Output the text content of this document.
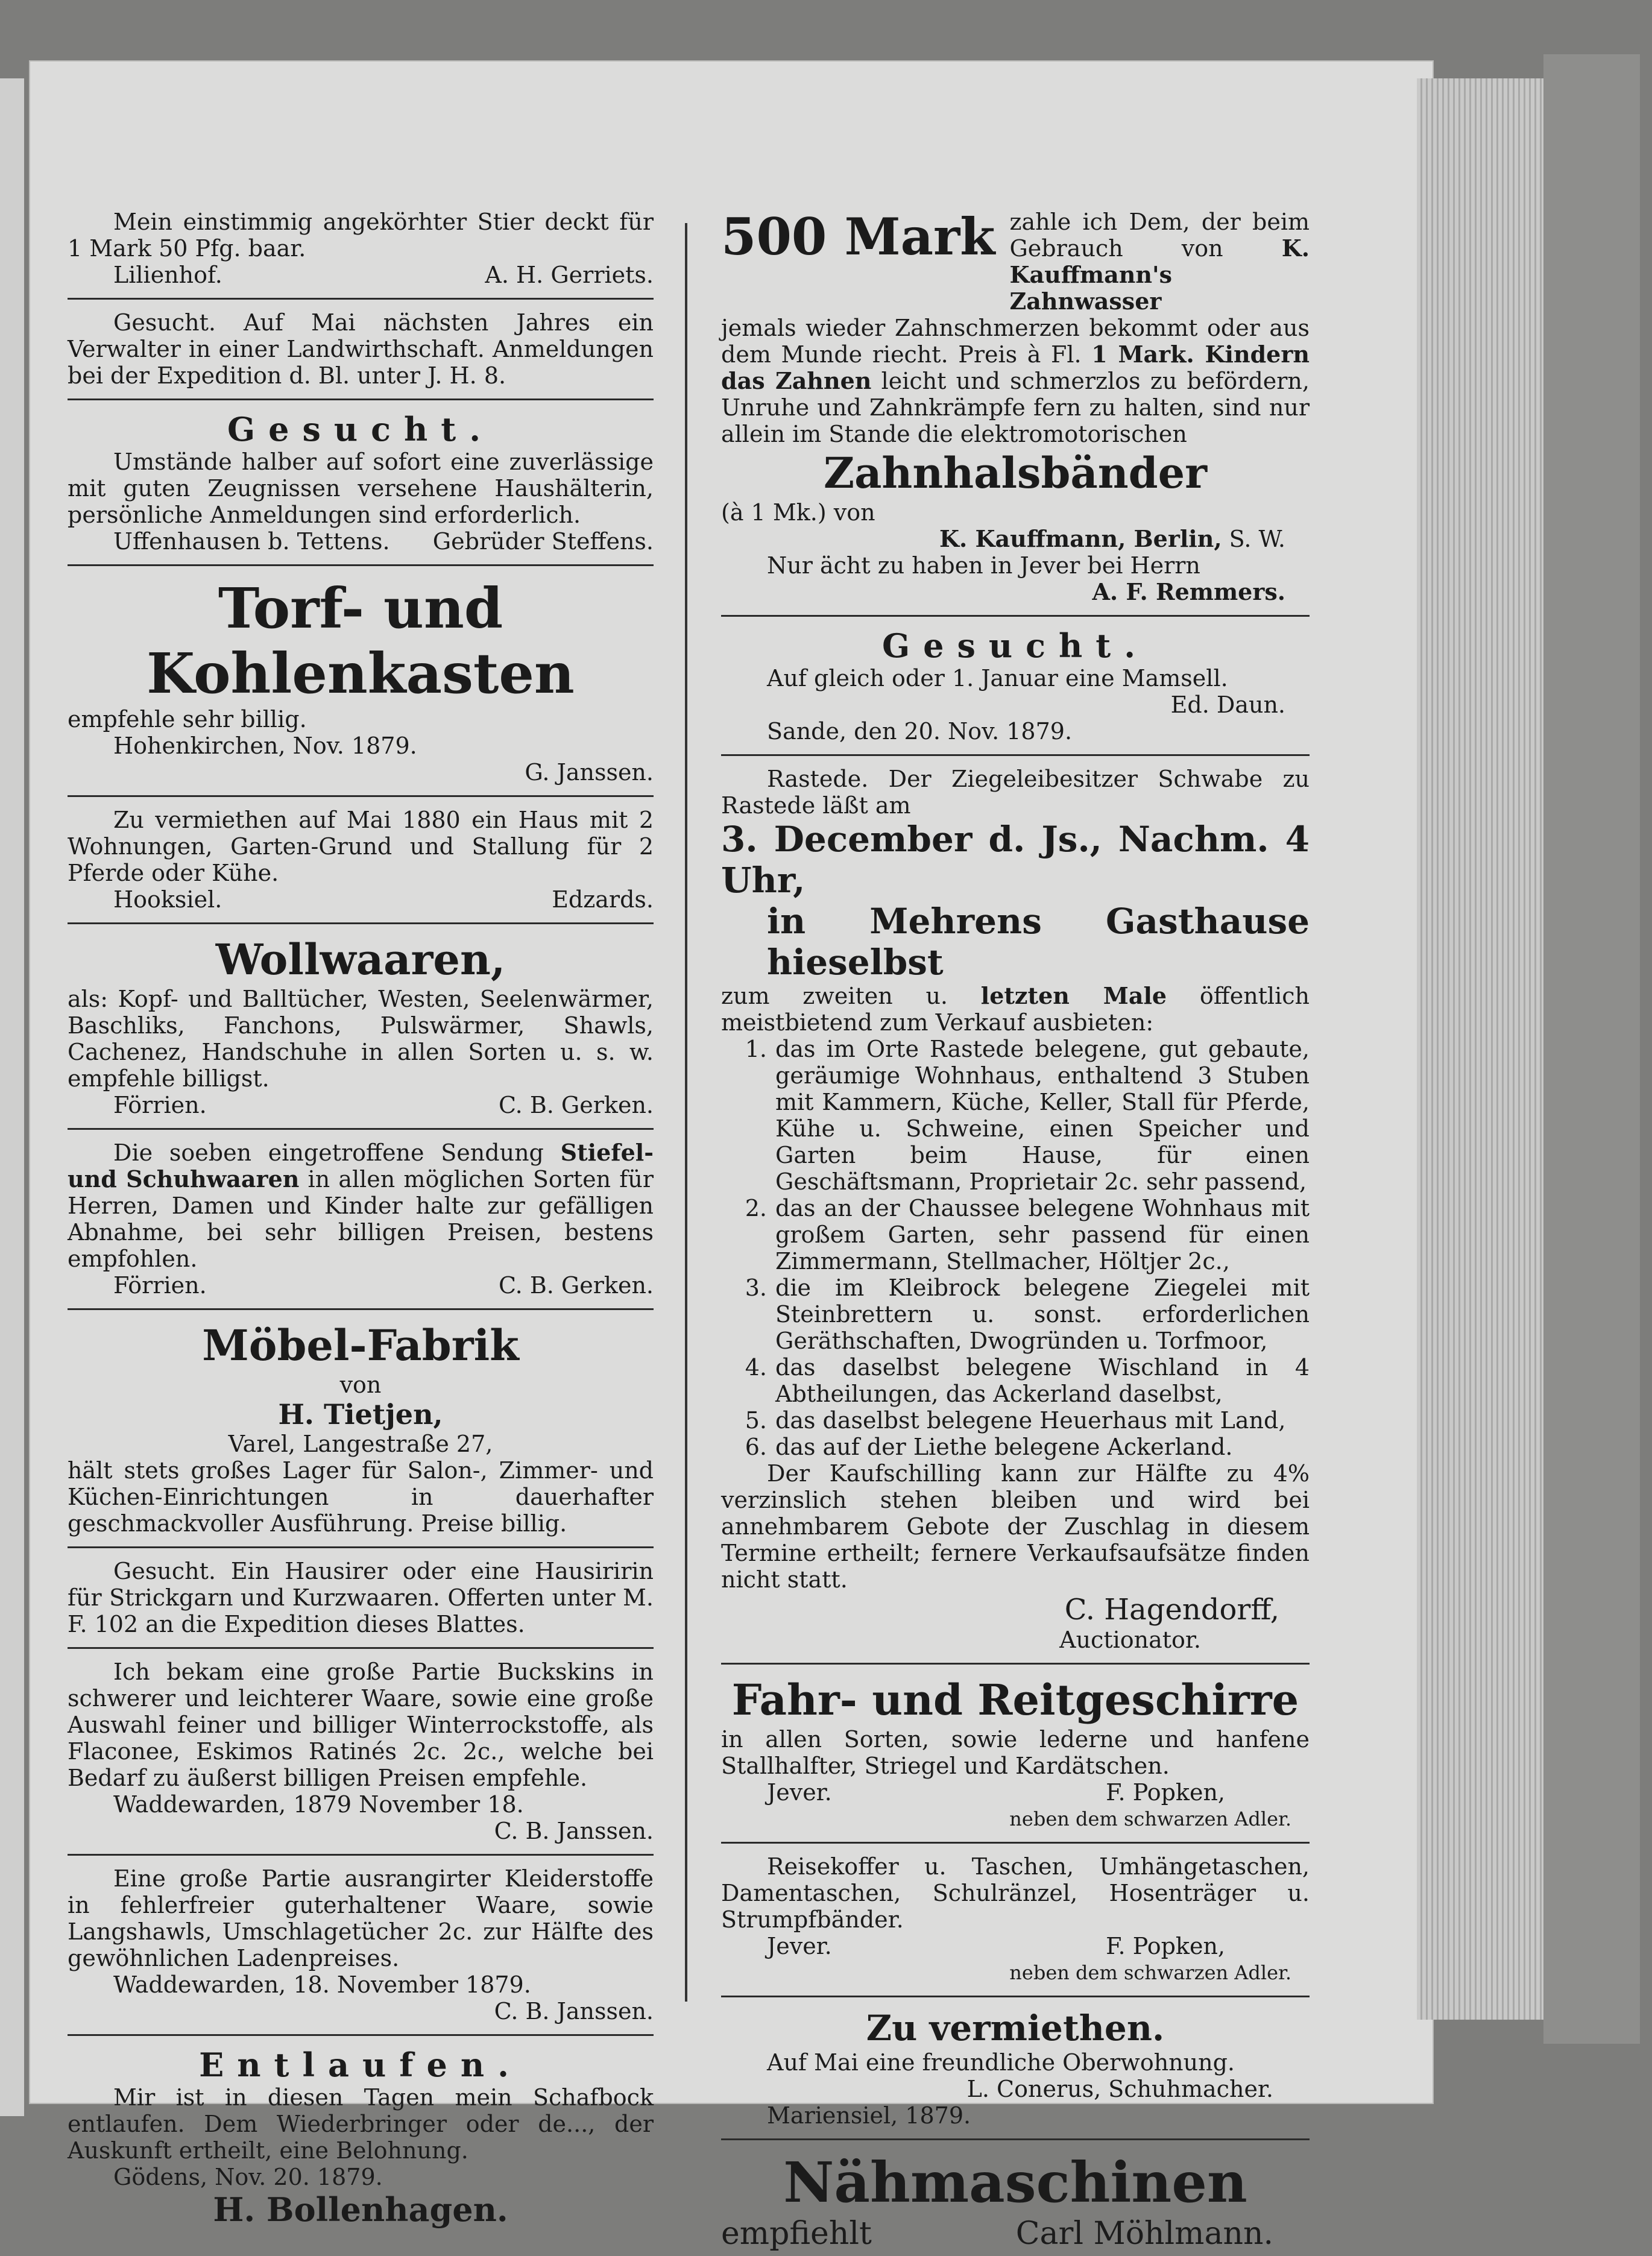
Mein einstimmig angekörhter Stier deckt für 1 Mark 50 Pfg. baar.

Lilienhof.	A. H. Gerriets.

Gesucht. Auf Mai nächsten Jahres ein Verwalter in einer Landwirthschaft. Anmeldungen bei der Expedition d. Bl. unter J. H. 8.

Gesucht.

Umstände halber auf sofort eine zuverlässige mit guten Zeugnissen versehene Haushälterin, persönliche Anmeldungen sind erforderlich.

Uffenhausen b. Tettens. Gebrüder Steffens.
Torf- und Kohlenkasten

empfehle sehr billig.

Hohenkirchen, Nov. 1879.

G. Janssen.

Zu vermiethen auf Mai 1880 ein Haus mit 2 Wohnungen, Garten-Grund und Stallung für 2 Pferde oder Kühe.

Hooksiel.	Edzards.
Wollwaaren,

als: Kopf- und Balltücher, Westen, Seelenwärmer, Baschliks, Fanchons, Pulswärmer, Shawls, Cachenez, Handschuhe in allen Sorten u. s. w. empfehle billigst.

Förrien.	C. B. Gerken.

Die soeben eingetroffene Sendung Stiefel- und Schuhwaaren in allen möglichen Sorten für Herren, Damen und Kinder halte zur gefälligen Abnahme, bei sehr billigen Preisen, bestens empfohlen.

Förrien.	C. B. Gerken.
Möbel-Fabrik

von

H. Tietjen,

Varel, Langestraße 27,

hält stets großes Lager für Salon-, Zimmer- und Küchen-Einrichtungen in dauerhafter geschmackvoller Ausführung. Preise billig.

Gesucht. Ein Hausirer oder eine Hausiririn für Strickgarn und Kurzwaaren. Offerten unter M. F. 102 an die Expedition dieses Blattes.

Ich bekam eine große Partie Buckskins in schwerer und leichterer Waare, sowie eine große Auswahl feiner und billiger Winterrockstoffe, als Flaconee, Eskimos Ratinés 2c. 2c., welche bei Bedarf zu äußerst billigen Preisen empfehle.

Waddewarden, 1879 November 18.

C. B. Janssen.

Eine große Partie ausrangirter Kleiderstoffe in fehlerfreier guterhaltener Waare, sowie Langshawls, Umschlagetücher 2c. zur Hälfte des gewöhnlichen Ladenpreises.

Waddewarden, 18. November 1879.

C. B. Janssen.

Entlaufen.

Mir ist in diesen Tagen mein Schafbock entlaufen. Dem Wiederbringer oder de..., der Auskunft ertheilt, eine Belohnung.

Gödens, Nov. 20. 1879.

H. Bollenhagen.

500 Mark zahle ich Dem, der beim Gebrauch von K. Kauffmann's Zahnwasser

jemals wieder Zahnschmerzen bekommt oder aus dem Munde riecht. Preis à Fl. 1 Mark. Kindern das Zahnen leicht und schmerzlos zu befördern, Unruhe und Zahnkrämpfe fern zu halten, sind nur allein im Stande die elektromotorischen

Zahnhalsbänder

(à 1 Mk.) von

K. Kauffmann, Berlin, S. W.

Nur ächt zu haben in Jever bei Herrn

A. F. Remmers.

Gesucht.

Auf gleich oder 1. Januar eine Mamsell.

Ed. Daun.

Sande, den 20. Nov. 1879.

Rastede. Der Ziegeleibesitzer Schwabe zu Rastede läßt am

3. December d. Js., Nachm. 4 Uhr,

in Mehrens Gasthause hieselbst

zum zweiten u. letzten Male öffentlich meistbietend zum Verkauf ausbieten:

1. das im Orte Rastede belegene, gut gebaute, geräumige Wohnhaus, enthaltend 3 Stuben mit Kammern, Küche, Keller, Stall für Pferde, Kühe u. Schweine, einen Speicher und Garten beim Hause, für einen Geschäftsmann, Proprietair 2c. sehr passend,
2. das an der Chaussee belegene Wohnhaus mit großem Garten, sehr passend für einen Zimmermann, Stellmacher, Höltjer 2c.,
3. die im Kleibrock belegene Ziegelei mit Steinbrettern u. sonst. erforderlichen Geräthschaften, Dwogründen u. Torfmoor,
4. das daselbst belegene Wischland in 4 Abtheilungen, das Ackerland daselbst,
5. das daselbst belegene Heuerhaus mit Land,
6. das auf der Liethe belegene Ackerland.

Der Kaufschilling kann zur Hälfte zu 4% verzinslich stehen bleiben und wird bei annehmbarem Gebote der Zuschlag in diesem Termine ertheilt; fernere Verkaufsaufsätze finden nicht statt.

C. Hagendorff,

Auctionator.

Fahr- und Reitgeschirre

in allen Sorten, sowie lederne und hanfene Stallhalfter, Striegel und Kardätschen.

Jever.	F. Popken,

neben dem schwarzen Adler.

Reisekoffer u. Taschen, Umhängetaschen, Damentaschen, Schulränzel, Hosenträger u. Strumpfbänder.

Jever.	F. Popken,

neben dem schwarzen Adler.

Zu vermiethen.

Auf Mai eine freundliche Oberwohnung.

L. Conerus, Schuhmacher.

Mariensiel, 1879.

Nähmaschinen
empfiehlt	Carl Möhlmann.
